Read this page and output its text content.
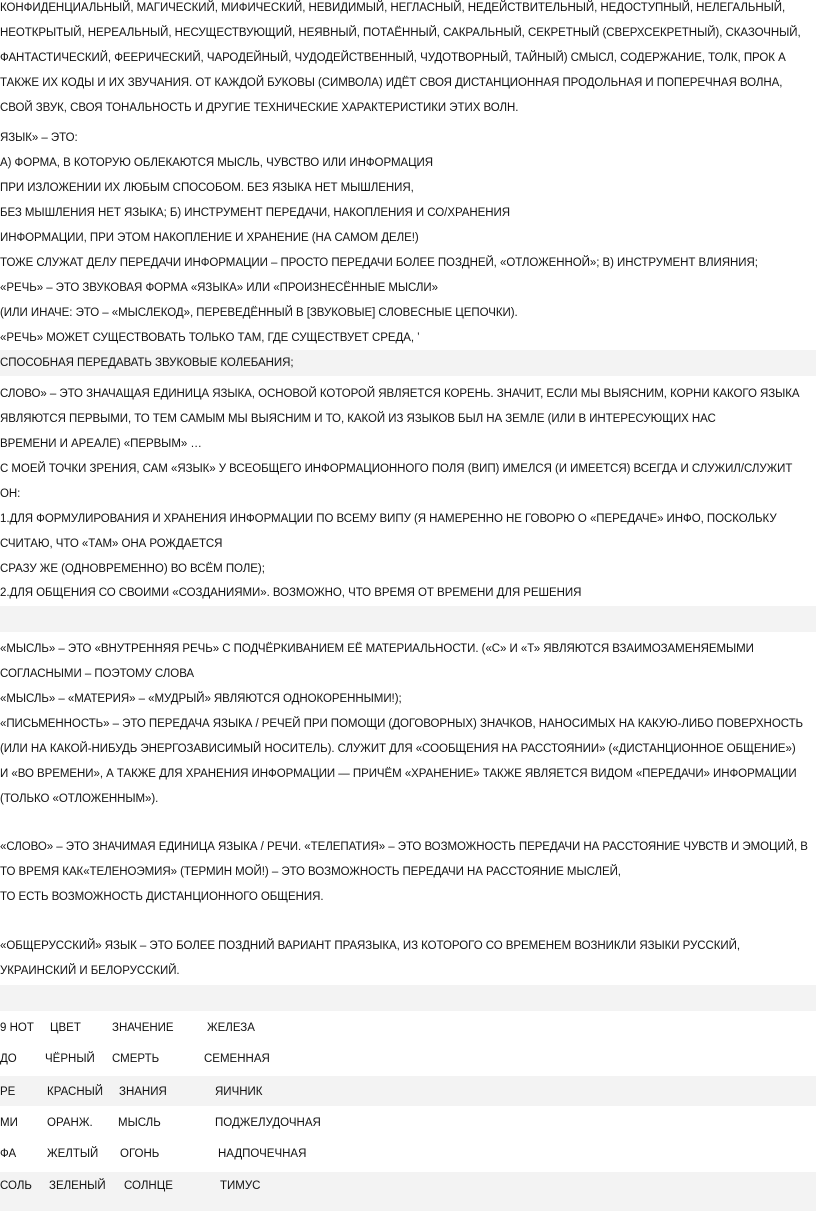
КОНФИДЕНЦИАЛЬНЫЙ, МАГИЧЕСКИЙ, МИФИЧЕСКИЙ, НЕВИДИМЫЙ, НЕГЛАСНЫЙ, НЕДЕЙСТВИТЕЛЬНЫЙ, НЕДОСТУПНЫЙ, НЕЛЕГАЛЬНЫЙ,
НЕОТКРЫТЫЙ, НЕРЕАЛЬНЫЙ, НЕСУЩЕСТВУЮЩИЙ, НЕЯВНЫЙ, ПОТАЁННЫЙ, САКРАЛЬНЫЙ, СЕКРЕТНЫЙ (СВЕРХСЕКРЕТНЫЙ), СКАЗОЧНЫЙ,
ФАНТАСТИЧЕСКИЙ, ФЕЕРИЧЕСКИЙ, ЧАРОДЕЙНЫЙ, ЧУДОДЕЙСТВЕННЫЙ, ЧУДОТВОРНЫЙ, ТАЙНЫЙ) СМЫСЛ, СОДЕРЖАНИЕ, ТОЛК, ПРОК А
ТАКЖЕ ИХ КОДЫ И ИХ ЗВУЧАНИЯ. ОТ КАЖДОЙ БУКОВЫ (СИМВОЛА) ИДЁТ СВОЯ ДИСТАНЦИОННАЯ ПРОДОЛЬНАЯ И ПОПЕРЕЧНАЯ ВОЛНА,
СВОЙ ЗВУК, СВОЯ ТОНАЛЬНОСТЬ И ДРУГИЕ ТЕХНИЧЕСКИЕ ХАРАКТЕРИСТИКИ ЭТИХ ВОЛН.
ЯЗЫК» – ЭТО:
А) ФОРМА, В КОТОРУЮ ОБЛЕКАЮТСЯ МЫСЛЬ, ЧУВСТВО ИЛИ ИНФОРМАЦИЯ
ПРИ ИЗЛОЖЕНИИ ИХ ЛЮБЫМ СПОСОБОМ. БЕЗ ЯЗЫКА НЕТ МЫШЛЕНИЯ,
БЕЗ МЫШЛЕНИЯ НЕТ ЯЗЫКА; Б) ИНСТРУМЕНТ ПЕРЕДАЧИ, НАКОПЛЕНИЯ И СО/ХРАНЕНИЯ
ИНФОРМАЦИИ, ПРИ ЭТОМ НАКОПЛЕНИЕ И ХРАНЕНИЕ (НА САМОМ ДЕЛЕ!)
ТОЖЕ СЛУЖАТ ДЕЛУ ПЕРЕДАЧИ ИНФОРМАЦИИ – ПРОСТО ПЕРЕДАЧИ БОЛЕЕ ПОЗДНЕЙ, «ОТЛОЖЕННОЙ»; В) ИНСТРУМЕНТ ВЛИЯНИЯ;
«РЕЧЬ» – ЭТО ЗВУКОВАЯ ФОРМА «ЯЗЫКА» ИЛИ «ПРОИЗНЕСЁННЫЕ МЫСЛИ»
(ИЛИ ИНАЧЕ: ЭТО – «МЫСЛЕКОД», ПЕРЕВЕДЁННЫЙ В [ЗВУКОВЫЕ] СЛОВЕСНЫЕ ЦЕПОЧКИ).
«РЕЧЬ» МОЖЕТ СУЩЕСТВОВАТЬ ТОЛЬКО ТАМ, ГДЕ СУЩЕСТВУЕТ СРЕДА, ’
СПОСОБНАЯ ПЕРЕДАВАТЬ ЗВУКОВЫЕ КОЛЕБАНИЯ;
СЛОВО» – ЭТО ЗНАЧАЩАЯ ЕДИНИЦА ЯЗЫКА, ОСНОВОЙ КОТОРОЙ ЯВЛЯЕТСЯ КОРЕНЬ. ЗНАЧИТ, ЕСЛИ МЫ ВЫЯСНИМ, КОРНИ КАКОГО ЯЗЫКА
ЯВЛЯЮТСЯ ПЕРВЫМИ, ТО ТЕМ САМЫМ МЫ ВЫЯСНИМ И ТО, КАКОЙ ИЗ ЯЗЫКОВ БЫЛ НА ЗЕМЛЕ (ИЛИ В ИНТЕРЕСУЮЩИХ НАС
ВРЕМЕНИ И АРЕАЛЕ) «ПЕРВЫМ» …
С МОЕЙ ТОЧКИ ЗРЕНИЯ, САМ «ЯЗЫК» У ВСЕОБЩЕГО ИНФОРМАЦИОННОГО ПОЛЯ (ВИП) ИМЕЛСЯ (И ИМЕЕТСЯ) ВСЕГДА И СЛУЖИЛ/СЛУЖИТ
ОН:
1.ДЛЯ ФОРМУЛИРОВАНИЯ И ХРАНЕНИЯ ИНФОРМАЦИИ ПО ВСЕМУ ВИПУ (Я НАМЕРЕННО НЕ ГОВОРЮ О «ПЕРЕДАЧЕ» ИНФО, ПОСКОЛЬКУ
СЧИТАЮ, ЧТО «ТАМ» ОНА РОЖДАЕТСЯ
СРАЗУ ЖЕ (ОДНОВРЕМЕННО) ВО ВСЁМ ПОЛЕ);
2.ДЛЯ ОБЩЕНИЯ СО СВОИМИ «СОЗДАНИЯМИ». ВОЗМОЖНО, ЧТО ВРЕМЯ ОТ ВРЕМЕНИ ДЛЯ РЕШЕНИЯ
«МЫСЛЬ» – ЭТО «ВНУТРЕННЯЯ РЕЧЬ» С ПОДЧЁРКИВАНИЕМ ЕЁ МАТЕРИАЛЬНОСТИ. («С» И «Т» ЯВЛЯЮТСЯ ВЗАИМОЗАМЕНЯЕМЫМИ
СОГЛАСНЫМИ – ПОЭТОМУ СЛОВА
«МЫСЛЬ» – «МАТЕРИЯ» – «МУДРЫЙ» ЯВЛЯЮТСЯ ОДНОКОРЕННЫМИ!);
«ПИСЬМЕННОСТЬ» – ЭТО ПЕРЕДАЧА ЯЗЫКА / РЕЧЕЙ ПРИ ПОМОЩИ (ДОГОВОРНЫХ) ЗНАЧКОВ, НАНОСИМЫХ НА КАКУЮ-ЛИБО ПОВЕРХНОСТЬ
(ИЛИ НА КАКОЙ-НИБУДЬ ЭНЕРГОЗАВИСИМЫЙ НОСИТЕЛЬ). СЛУЖИТ ДЛЯ «СООБЩЕНИЯ НА РАССТОЯНИИ» («ДИСТАНЦИОННОЕ ОБЩЕНИЕ»)
И «ВО ВРЕМЕНИ», А ТАКЖЕ ДЛЯ ХРАНЕНИЯ ИНФОРМАЦИИ — ПРИЧЁМ «ХРАНЕНИЕ» ТАКЖЕ ЯВЛЯЕТСЯ ВИДОМ «ПЕРЕДАЧИ» ИНФОРМАЦИИ
(ТОЛЬКО «ОТЛОЖЕННЫМ»).
«СЛОВО» – ЭТО ЗНАЧИМАЯ ЕДИНИЦА ЯЗЫКА / РЕЧИ. «ТЕЛЕПАТИЯ» – ЭТО ВОЗМОЖНОСТЬ ПЕРЕДАЧИ НА РАССТОЯНИЕ ЧУВСТВ И ЭМОЦИЙ, В
ТО ВРЕМЯ КАК«ТЕЛЕНОЭМИЯ» (ТЕРМИН МОЙ!) – ЭТО ВОЗМОЖНОСТЬ ПЕРЕДАЧИ НА РАССТОЯНИЕ МЫСЛЕЙ,
ТО ЕСТЬ ВОЗМОЖНОСТЬ ДИСТАНЦИОННОГО ОБЩЕНИЯ.
«ОБЩЕРУССКИЙ» ЯЗЫК – ЭТО БОЛЕЕ ПОЗДНИЙ ВАРИАНТ ПРАЯЗЫКА, ИЗ КОТОРОГО СО ВРЕМЕНЕМ ВОЗНИКЛИ ЯЗЫКИ РУССКИЙ,
УКРАИНСКИЙ И БЕЛОРУССКИЙ.
9 НОТ ЦВЕТ	ЗНАЧЕНИЕ	ЖЕЛЕЗА
ДО ЧЁРНЫЙ СМЕРТЬ	СЕМЕННАЯ
РЕ	КРАСНЫЙ ЗНАНИЯ	ЯИЧНИК
МИ	ОРАНЖ. МЫСЛЬ	ПОДЖЕЛУДОЧНАЯ
ФА	ЖЕЛТЫЙ ОГОНЬ	НАДПОЧЕЧНАЯ
СОЛЬ ЗЕЛЕНЫЙ СОЛНЦЕ	ТИМУС
